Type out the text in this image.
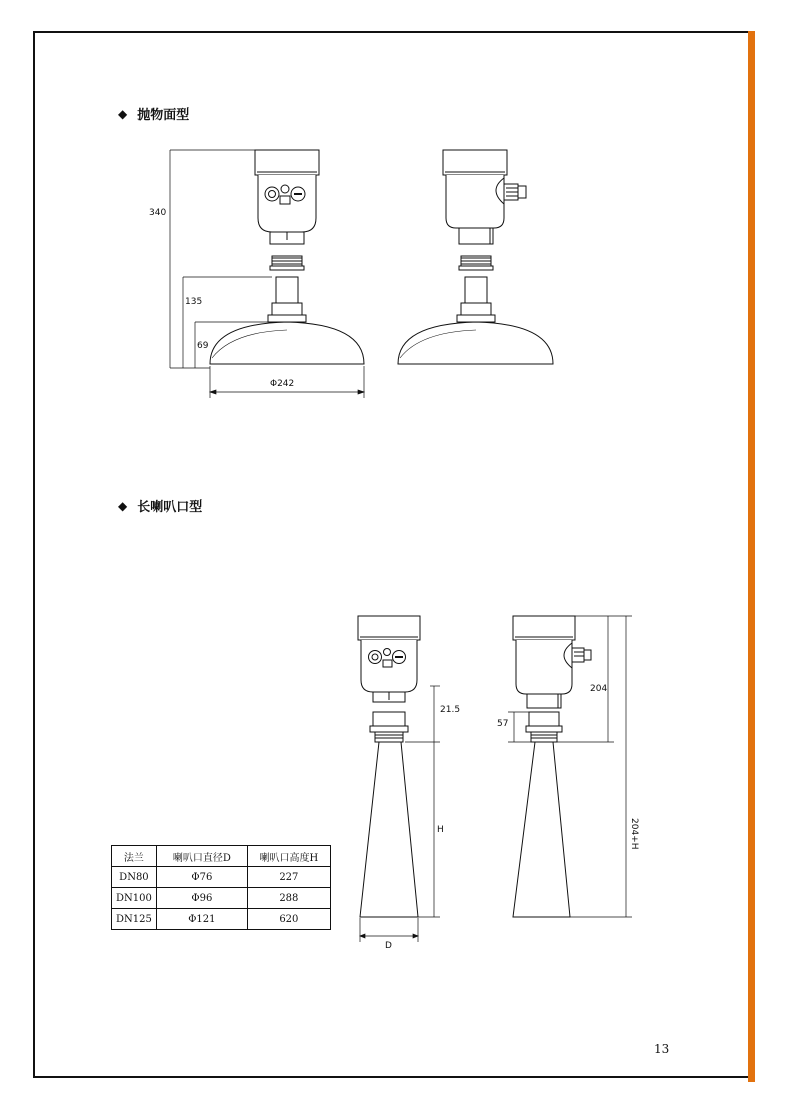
◆ 抛物面型
◆ 长喇叭口型
340
135
69
Φ242
21.5
H
D
57
204
204+H
法兰	喇叭口直径D	喇叭口高度H
DN80	Φ76	227
DN100	Φ96	288
DN125	Φ121	620
13
